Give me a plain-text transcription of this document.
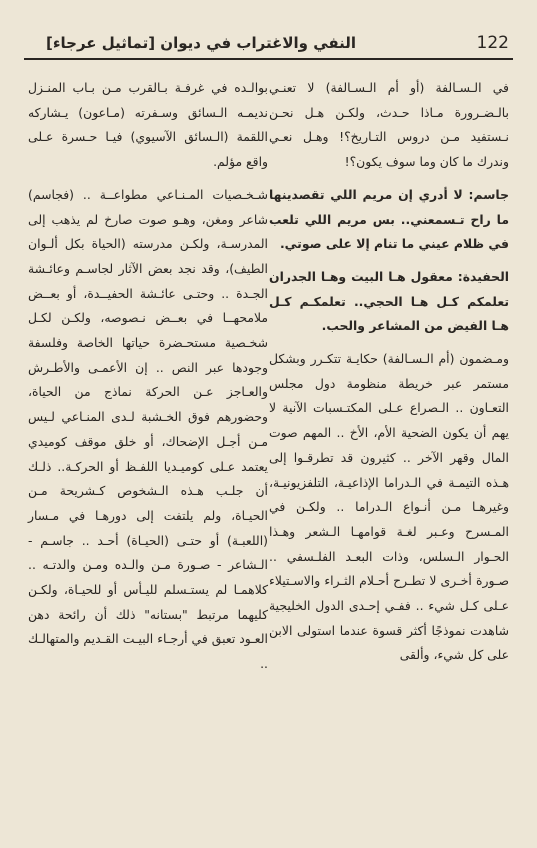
122
النفي والاغتراب في ديوان [تماثيل عرجاء]

في الـسـالفة (أو أم الـسـالفة) لا تعنـي بالـضـرورة مـاذا حـدث، ولكـن هـل نحـن نـستفيد مـن دروس التـاريخ؟! وهـل نعـي وندرك ما كان وما سوف يكون؟!

جاسم: لا أدري إن مريم اللي تقصدينها ما راح تـسمعني.. بس مريم اللي تلعب في ظلام عيني ما تنام إلا على صوتي.

الحفيدة: معقول هـا البيت وهـا الجدران تعلمكم كـل هـا الحجي.. تعلمكـم كـل هـا الفيض من المشاعر والحب.

ومـضمون (أم الـسـالفة) حكايـة تتكـرر وبشكل مستمر عبر خريطة منظومة دول مجلس التعـاون .. الـصراع عـلى المكتـسبات الآنية لا يهم أن يكون الضحية الأم، الأخ .. المهم صوت المال وقهر الآخر .. كثيرون قد تطرقـوا إلى هـذه التيمـة في الـدراما الإذاعيـة، التلفزيونيـة، وغيرهـا مـن أنـواع الـدراما .. ولكـن في المـسرح وعـبر لغـة قوامهـا الـشعر وهـذا الحـوار الـسلس، وذات البعـد الفلـسفي .. صـورة أخـرى لا تطـرح أحـلام الثـراء والاسـتيلاء عـلى كـل شيء .. ففـي إحـدى الدول الخليجية شاهدت نموذجًا أكثر قسوة عندما استولى الابن على كل شيء، وألقى

بوالـده في غرفـة بـالقرب مـن بـاب المنـزل نديمـه الـسائق وسـفرته (مـاعون) يـشاركه اللقمة (الـسائق الآسيوي) فيـا حـسرة عـلى واقع مؤلم.

شـخـصيات المـنـاعي مطواعــة .. (فجاسم) شاعر ومغن، وهـو صوت صارخ لم يذهب إلى المدرسـة، ولكـن مدرسته (الحياة بكل ألـوان الطيف)، وقد نجد بعض الآثار لجاسـم وعائـشة الجـدة .. وحتـى عائـشة الحفيــدة، أو بعــض ملامحهــا في بعــض نـصوصه، ولكـن لكـل شخـصية مستحـضرة حياتها الخاصة وفلسفة وجودها عبر النص .. إن الأعمـى والأطـرش والعـاجز عـن الحركة نماذج من الحياة، وحضورهم فوق الخـشبة لـدى المنـاعي لـيس مـن أجـل الإضحاك، أو خلق موقف كوميدي يعتمد عـلى كوميـديا اللفـظ أو الحركـة.. ذلـك أن جلـب هـذه الـشخوص كـشريحة مـن الحيـاة، ولم يلتفت إلى دورهـا في مـسار (اللعبـة) أو حتـى (الحيـاة) أحـد .. جاسـم - الـشاعر - صـورة مـن والـده ومـن والدتـه .. كلاهمـا لم يستـسلم لليـأس أو للحيـاة، ولكـن كليهما مرتبط "بستانه" ذلك أن رائحة دهن العـود تعبق في أرجـاء البيـت القـديم والمتهالـك ..
